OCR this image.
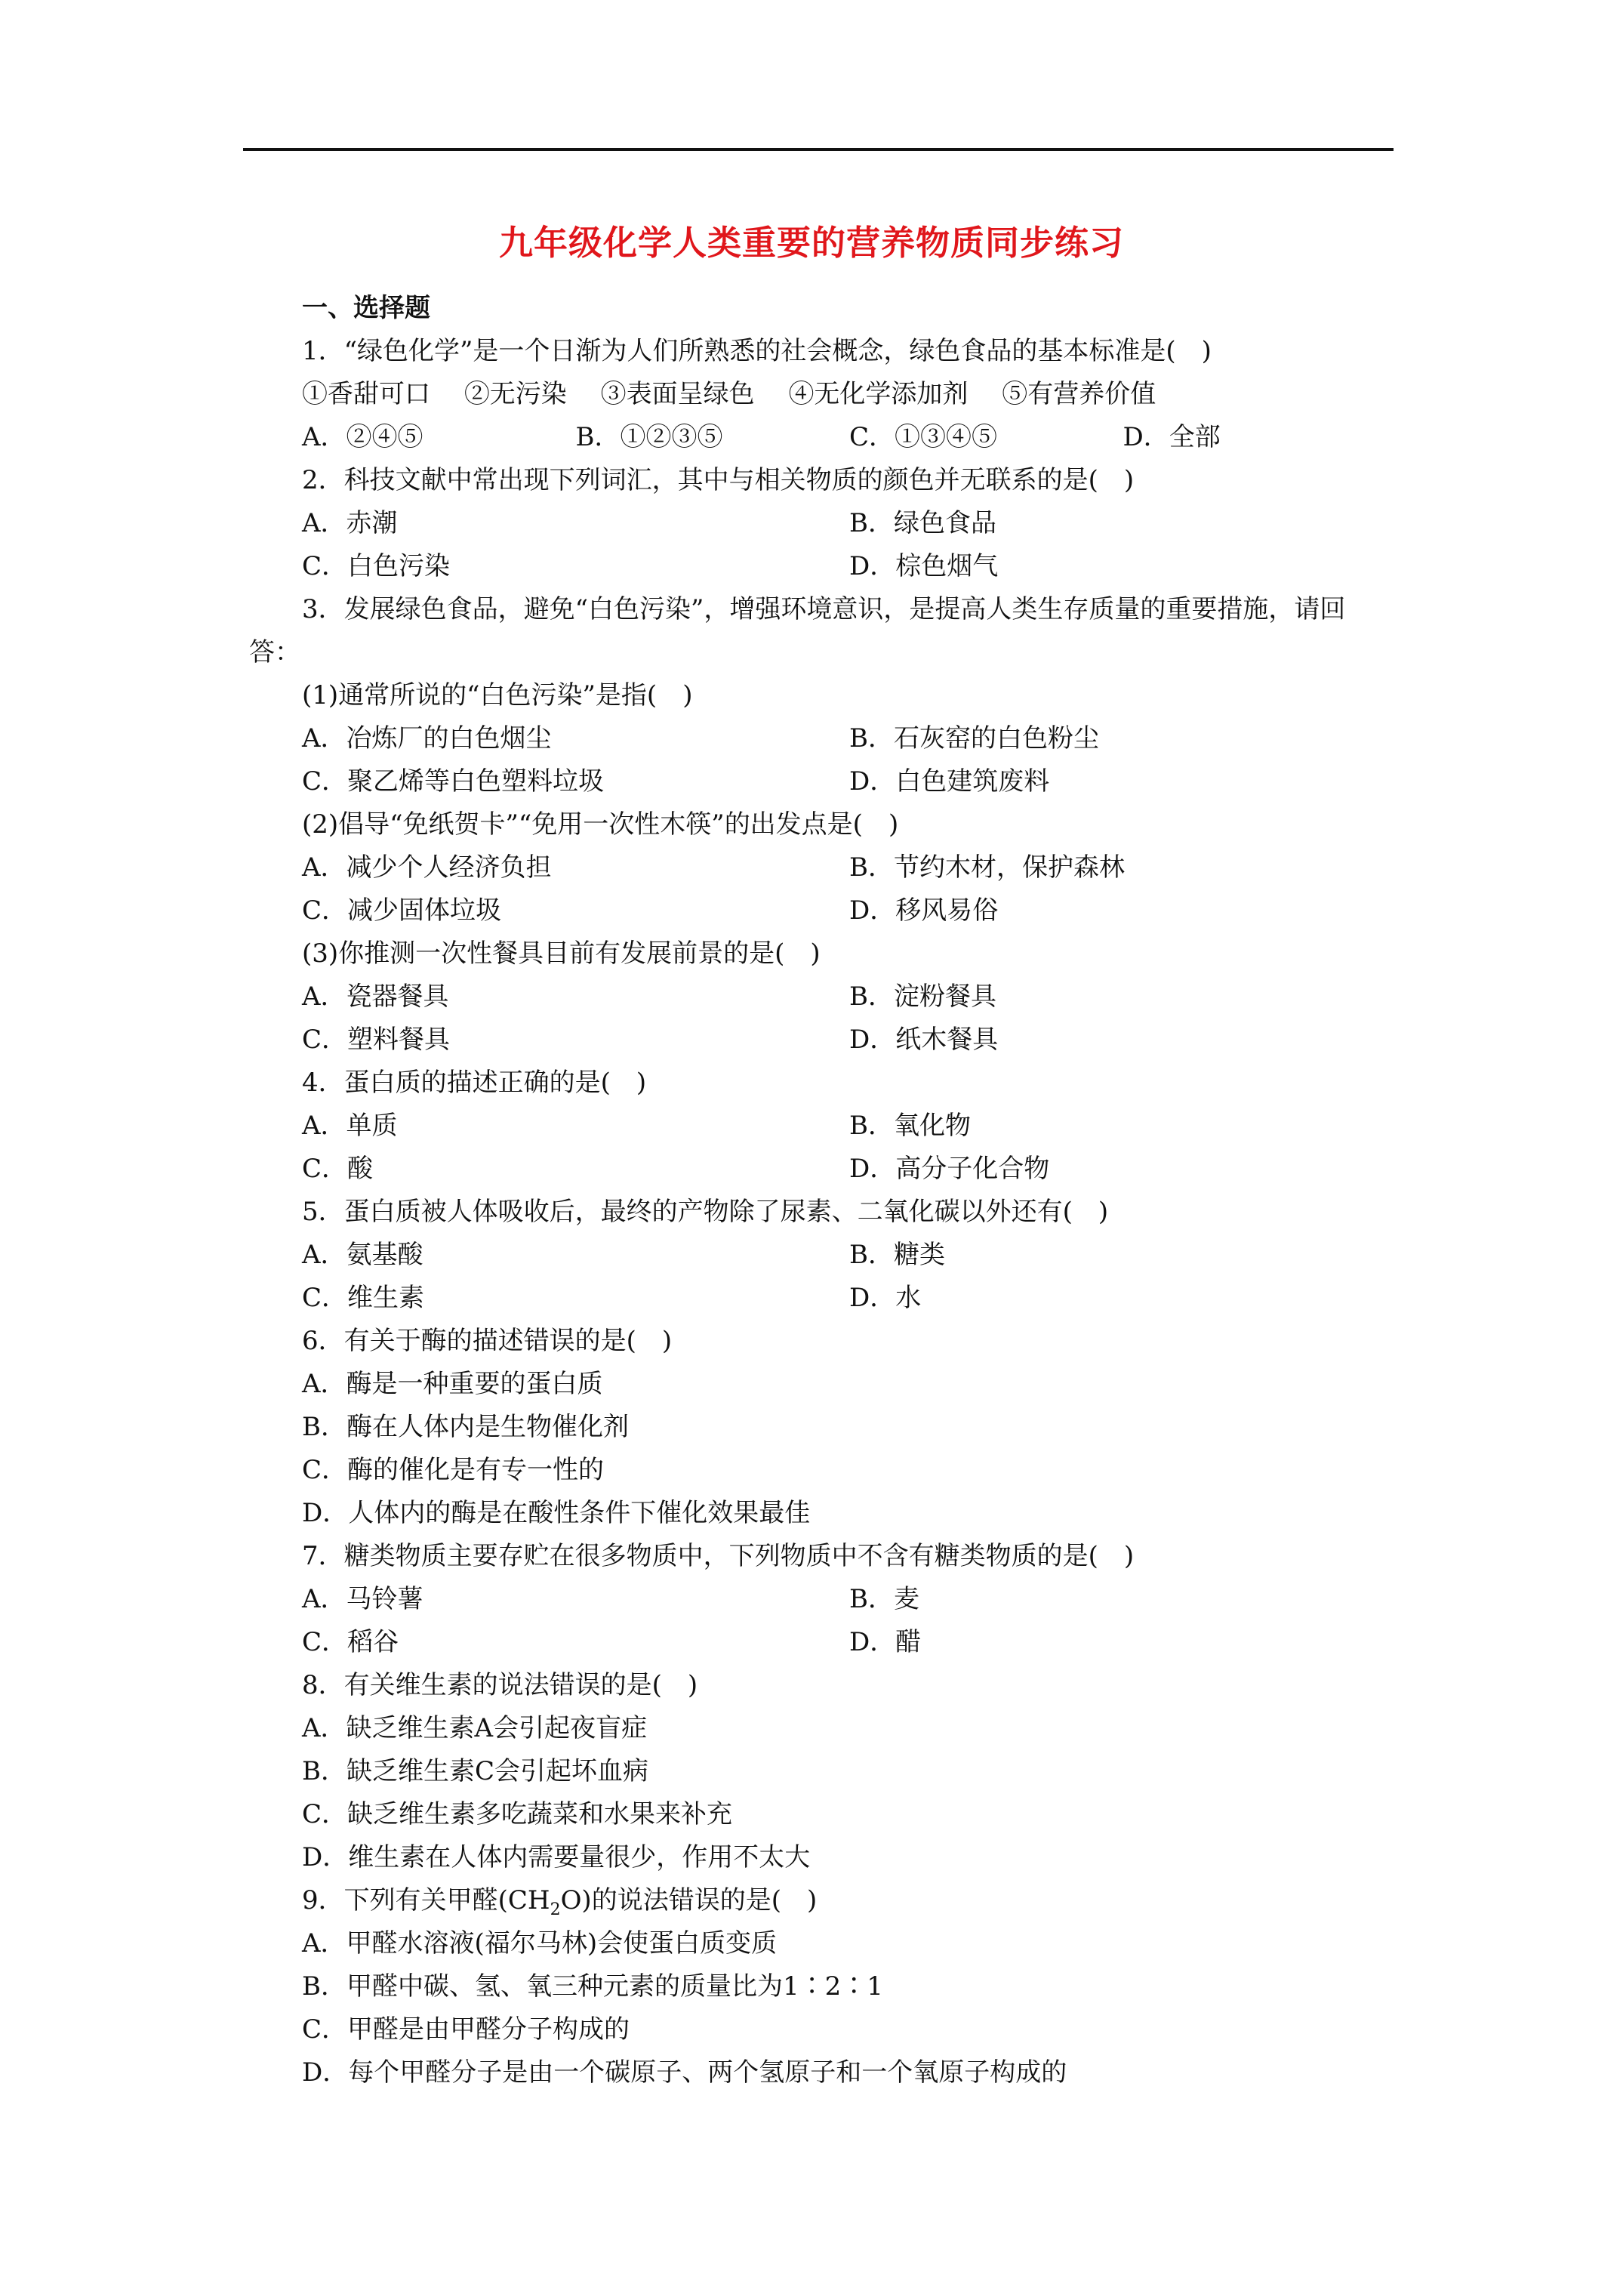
九年级化学人类重要的营养物质同步练习
一、选择题
1．“绿色化学”是一个日渐为人们所熟悉的社会概念，绿色食品的基本标准是(　)
①香甜可口 ②无污染 ③表面呈绿色 ④无化学添加剂 ⑤有营养价值
A．②④⑤	B．①②③⑤	C．①③④⑤	D．全部
2．科技文献中常出现下列词汇，其中与相关物质的颜色并无联系的是(　)
A．赤潮	B．绿色食品
C．白色污染	D．棕色烟气
3．发展绿色食品，避免“白色污染”，增强环境意识，是提高人类生存质量的重要措施，请回答：
(1)通常所说的“白色污染”是指(　)
A．冶炼厂的白色烟尘	B．石灰窑的白色粉尘
C．聚乙烯等白色塑料垃圾	D．白色建筑废料
(2)倡导“免纸贺卡”“免用一次性木筷”的出发点是(　)
A．减少个人经济负担	B．节约木材，保护森林
C．减少固体垃圾	D．移风易俗
(3)你推测一次性餐具目前有发展前景的是(　)
A．瓷器餐具	B．淀粉餐具
C．塑料餐具	D．纸木餐具
4．蛋白质的描述正确的是(　)
A．单质	B．氧化物
C．酸	D．高分子化合物
5．蛋白质被人体吸收后，最终的产物除了尿素、二氧化碳以外还有(　)
A．氨基酸	B．糖类
C．维生素	D．水
6．有关于酶的描述错误的是(　)
A．酶是一种重要的蛋白质
B．酶在人体内是生物催化剂
C．酶的催化是有专一性的
D．人体内的酶是在酸性条件下催化效果最佳
7．糖类物质主要存贮在很多物质中，下列物质中不含有糖类物质的是(　)
A．马铃薯	B．麦
C．稻谷	D．醋
8．有关维生素的说法错误的是(　)
A．缺乏维生素A会引起夜盲症
B．缺乏维生素C会引起坏血病
C．缺乏维生素多吃蔬菜和水果来补充
D．维生素在人体内需要量很少，作用不太大
9．下列有关甲醛$(CH_2O)$的说法错误的是(　)
A．甲醛水溶液(福尔马林)会使蛋白质变质
B．甲醛中碳、氢、氧三种元素的质量比为1∶2∶1
C．甲醛是由甲醛分子构成的
D．每个甲醛分子是由一个碳原子、两个氢原子和一个氧原子构成的
